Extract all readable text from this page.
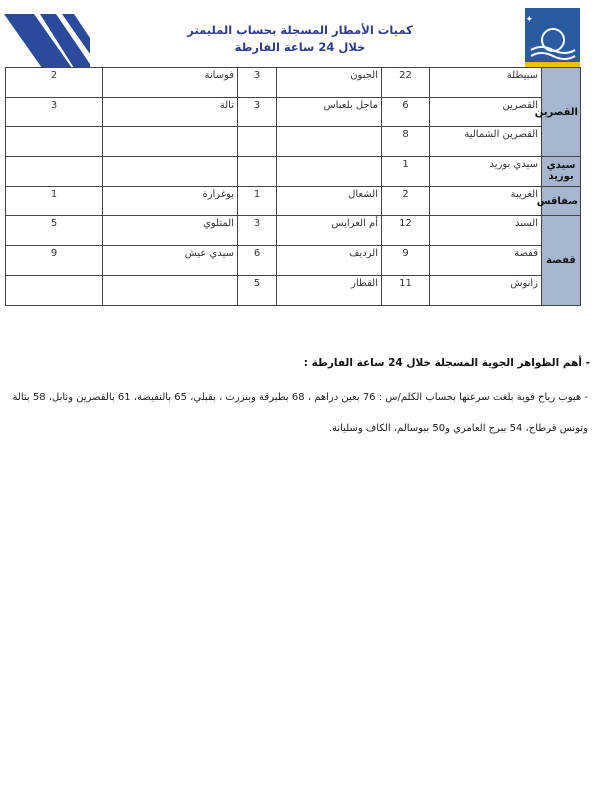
كميات الأمطار المسجلة بحساب المليمتر
خلال 24 ساعة الفارطة
✦ ✧ ✦
القصرين	سبيطلة	22	الجبون	3	فوسانة	2
	القصرين	6	ماجل بلعباس	3	تالة	3
	القصرين الشمالية	8				
سيدي بوزيد	سيدي بوزيد	1				
صفاقس	الغريبة	2	الشعال	1	بوغرارة	1
قفصة	السند	12	أم العرايس	3	المتلوي	5
	قفصة	9	الرديف	6	سيدي عيش	9
	زانوش	11	القطار	5		
- أهم الظواهر الجوية المسجلة خلال 24 ساعة الفارطة :
- هبوب رياح قوية بلغت سرعتها بحساب الكلم/س : 76 بعين دراهم ، 68 بطبرقة وبنزرت ، بقبلي، 65 بالنفيضة، 61 بالقصرين ونابل، 58 بتالة وتونس قرطاج، 54 ببرج العامري و50 ببوسالم، الكاف وسليانة.
